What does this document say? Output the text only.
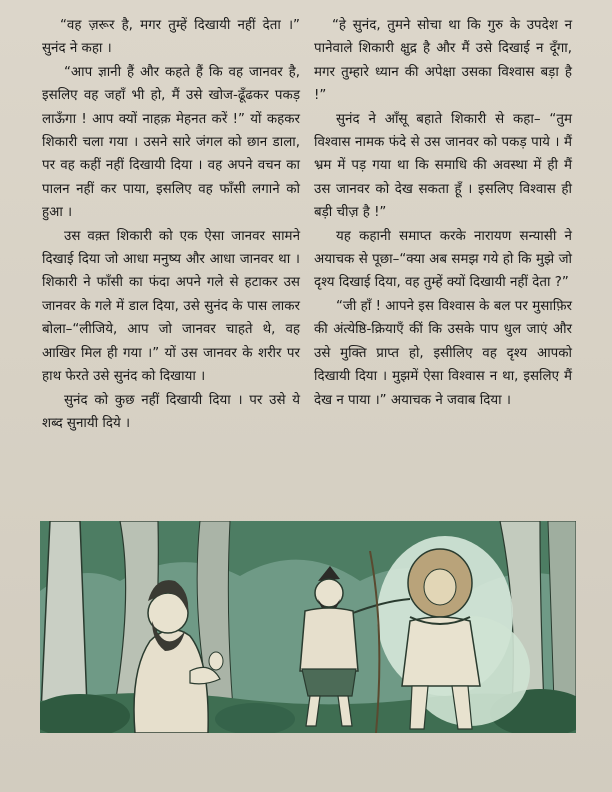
“वह ज़रूर है, मगर तुम्हें दिखायी नहीं देता ।” सुनंद ने कहा ।

“आप ज्ञानी हैं और कहते हैं कि वह जानवर है, इसलिए वह जहाँ भी हो, मैं उसे खोज-ढूँढकर पकड़ लाऊँगा ! आप क्यों नाहक़ मेहनत करें !” यों कहकर शिकारी चला गया । उसने सारे जंगल को छान डाला, पर वह कहीं नहीं दिखायी दिया । वह अपने वचन का पालन नहीं कर पाया, इसलिए वह फाँसी लगाने को हुआ ।

उस वक़्त शिकारी को एक ऐसा जानवर सामने दिखाई दिया जो आधा मनुष्य और आधा जानवर था । शिकारी ने फाँसी का फंदा अपने गले से हटाकर उस जानवर के गले में डाल दिया, उसे सुनंद के पास लाकर बोला–“लीजिये, आप जो जानवर चाहते थे, वह आखिर मिल ही गया ।” यों उस जानवर के शरीर पर हाथ फेरते उसे सुनंद को दिखाया ।

सुनंद को कुछ नहीं दिखायी दिया । पर उसे ये शब्द सुनायी दिये ।

“हे सुनंद, तुमने सोचा था कि गुरु के उपदेश न पानेवाले शिकारी क्षुद्र है और मैं उसे दिखाई न दूँगा, मगर तुम्हारे ध्यान की अपेक्षा उसका विश्वास बड़ा है !”

सुनंद ने आँसू बहाते शिकारी से कहा– “तुम विश्वास नामक फंदे से उस जानवर को पकड़ पाये । मैं भ्रम में पड़ गया था कि समाधि की अवस्था में ही मैं उस जानवर को देख सकता हूँ । इसलिए विश्वास ही बड़ी चीज़ है !”

यह कहानी समाप्त करके नारायण सन्यासी ने अयाचक से पूछा–“क्या अब समझ गये हो कि मुझे जो दृश्य दिखाई दिया, वह तुम्हें क्यों दिखायी नहीं देता ?”

“जी हाँ ! आपने इस विश्वास के बल पर मुसाफ़िर की अंत्येष्ठि-क्रियाएँ कीं कि उसके पाप धुल जाएं और उसे मुक्ति प्राप्त हो, इसीलिए वह दृश्य आपको दिखायी दिया । मुझमें ऐसा विश्वास न था, इसलिए मैं देख न पाया ।” अयाचक ने जवाब दिया ।
